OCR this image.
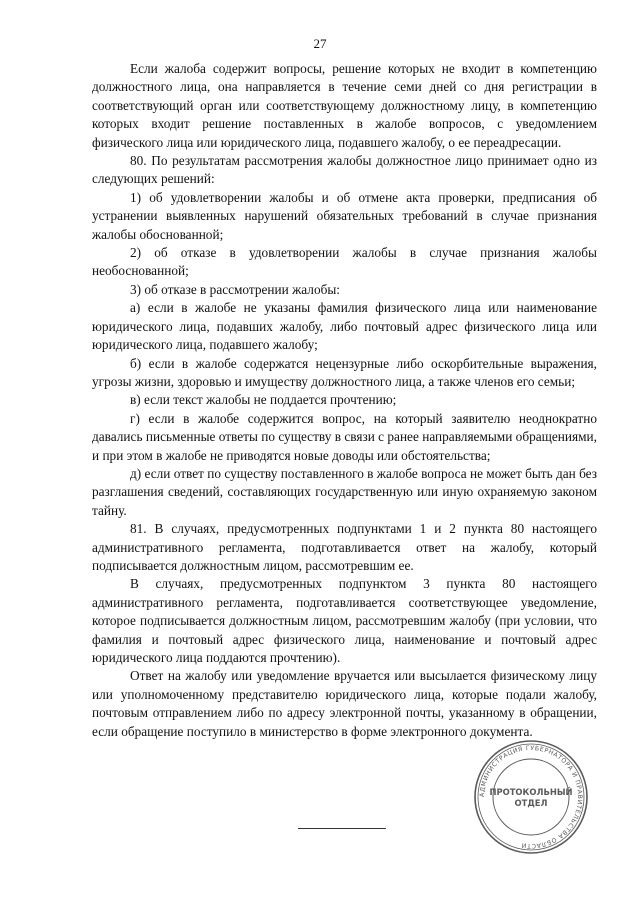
27

Если жалоба содержит вопросы, решение которых не входит в компетенцию должностного лица, она направляется в течение семи дней со дня регистрации в соответствующий орган или соответствующему должностному лицу, в компетенцию которых входит решение поставленных в жалобе вопросов, с уведомлением физического лица или юридического лица, подавшего жалобу, о ее переадресации.

80. По результатам рассмотрения жалобы должностное лицо принимает одно из следующих решений:

1) об удовлетворении жалобы и об отмене акта проверки, предписания об устранении выявленных нарушений обязательных требований в случае признания жалобы обоснованной;

2) об отказе в удовлетворении жалобы в случае признания жалобы необоснованной;

3) об отказе в рассмотрении жалобы:

а) если в жалобе не указаны фамилия физического лица или наименование юридического лица, подавших жалобу, либо почтовый адрес физического лица или юридического лица, подавшего жалобу;

б) если в жалобе содержатся нецензурные либо оскорбительные выражения, угрозы жизни, здоровью и имуществу должностного лица, а также членов его семьи;

в) если текст жалобы не поддается прочтению;

г) если в жалобе содержится вопрос, на который заявителю неоднократно давались письменные ответы по существу в связи с ранее направляемыми обращениями, и при этом в жалобе не приводятся новые доводы или обстоятельства;

д) если ответ по существу поставленного в жалобе вопроса не может быть дан без разглашения сведений, составляющих государственную или иную охраняемую законом тайну.

81. В случаях, предусмотренных подпунктами 1 и 2 пункта 80 настоящего административного регламента, подготавливается ответ на жалобу, который подписывается должностным лицом, рассмотревшим ее.

В случаях, предусмотренных подпунктом 3 пункта 80 настоящего административного регламента, подготавливается соответствующее уведомление, которое подписывается должностным лицом, рассмотревшим жалобу (при условии, что фамилия и почтовый адрес физического лица, наименование и почтовый адрес юридического лица поддаются прочтению).

Ответ на жалобу или уведомление вручается или высылается физическому лицу или уполномоченному представителю юридического лица, которые подали жалобу, почтовым отправлением либо по адресу электронной почты, указанному в обращении, если обращение поступило в министерство в форме электронного документа.

АДМИНИСТРАЦИЯ ГУБЕРНАТОРА И ПРАВИТЕЛЬСТВА ОБЛАСТИ
ПРОТОКОЛЬНЫЙ
ОТДЕЛ
